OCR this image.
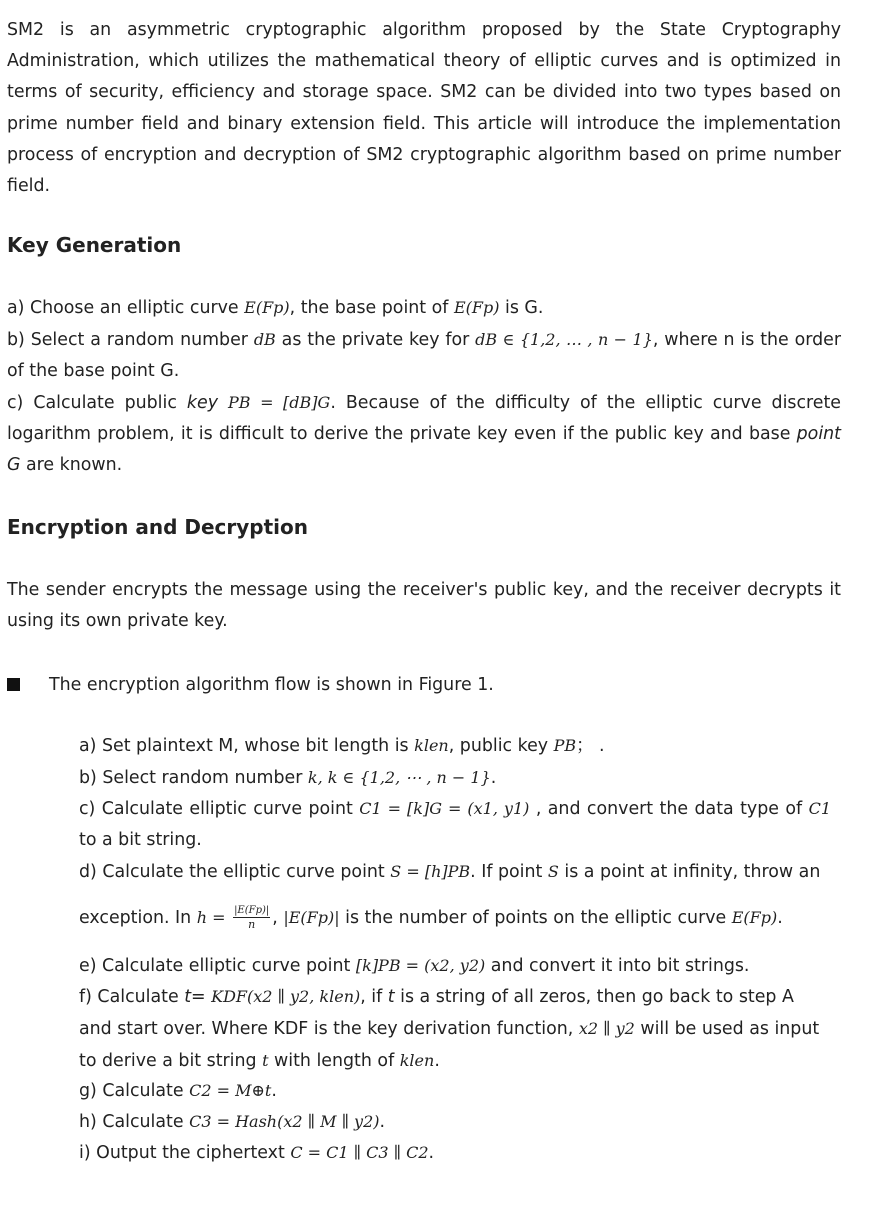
SM2 is an asymmetric cryptographic algorithm proposed by the State Cryptography Administration, which utilizes the mathematical theory of elliptic curves and is optimized in terms of security, efficiency and storage space. SM2 can be divided into two types based on prime number field and binary extension field. This article will introduce the implementation process of encryption and decryption of SM2 cryptographic algorithm based on prime number field.

Key Generation

a) Choose an elliptic curve E(Fp), the base point of E(Fp) is G.

b) Select a random number dB as the private key for dB ∈ {1,2, … , n − 1}, where n is the order of the base point G.

c) Calculate public key PB = [dB]G. Because of the difficulty of the elliptic curve discrete logarithm problem, it is difficult to derive the private key even if the public key and base point G are known.

Encryption and Decryption

The sender encrypts the message using the receiver's public key, and the receiver decrypts it using its own private key.

The encryption algorithm flow is shown in Figure 1.

a) Set plaintext M, whose bit length is klen, public key PB； .

b) Select random number k, k ∈ {1,2, ⋯ , n − 1}.

c) Calculate elliptic curve point C1 = [k]G = (x1, y1) , and convert the data type of C1 to a bit string.

d) Calculate the elliptic curve point S = [h]PB. If point S is a point at infinity, throw an

exception. In $h = \frac{|E(Fp)|}{n}$ , |E(Fp)| is the number of points on the elliptic curve E(Fp).

e) Calculate elliptic curve point [k]PB = (x2, y2) and convert it into bit strings.

f) Calculate t= KDF(x2 ∥ y2, klen), if t is a string of all zeros, then go back to step A and start over. Where KDF is the key derivation function, x2 ∥ y2 will be used as input to derive a bit string t with length of klen.

g) Calculate C2 = M⊕t.

h) Calculate C3 = Hash(x2 ∥ M ∥ y2).

i) Output the ciphertext C = C1 ∥ C3 ∥ C2.
